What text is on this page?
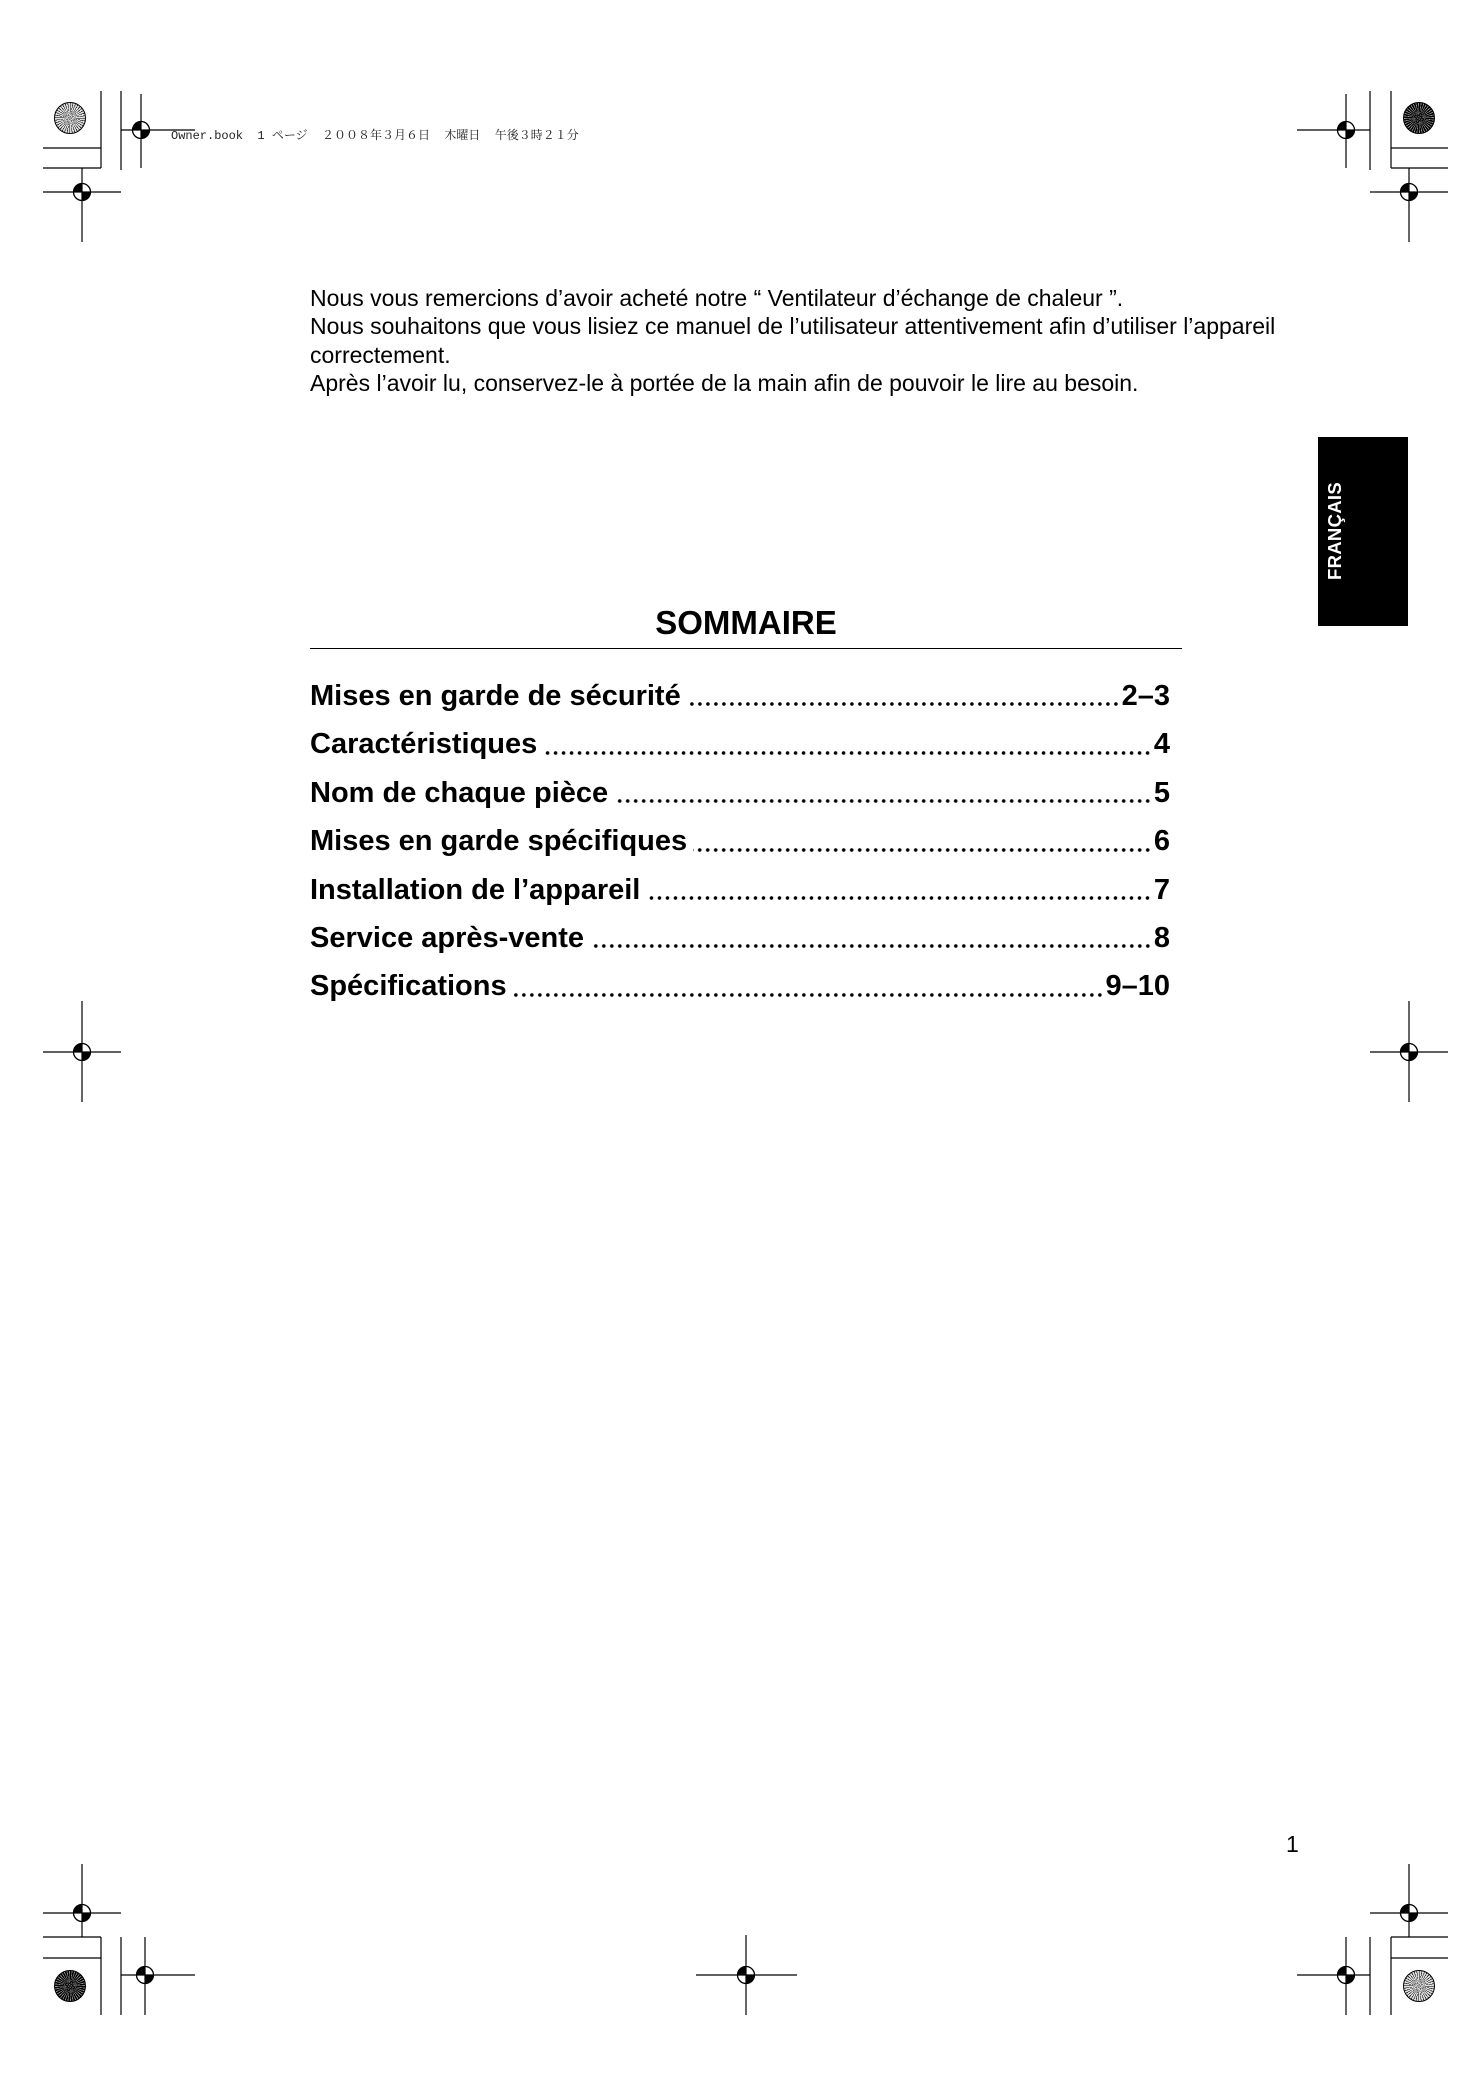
Owner.book  1 ページ  ２００８年３月６日  木曜日  午後３時２１分

Nous vous remercions d’avoir acheté notre “ Ventilateur d’échange de chaleur ”.

Nous souhaitons que vous lisiez ce manuel de l’utilisateur attentivement afin d’utiliser l’appareil correctement.

Après l’avoir lu, conservez-le à portée de la main afin de pouvoir le lire au besoin.

FRANÇAIS
SOMMAIRE
Mises en garde de sécurité	2–3
Caractéristiques	4
Nom de chaque pièce	5
Mises en garde spécifiques	6
Installation de l’appareil	7
Service après-vente	8
Spécifications	9–10
1
